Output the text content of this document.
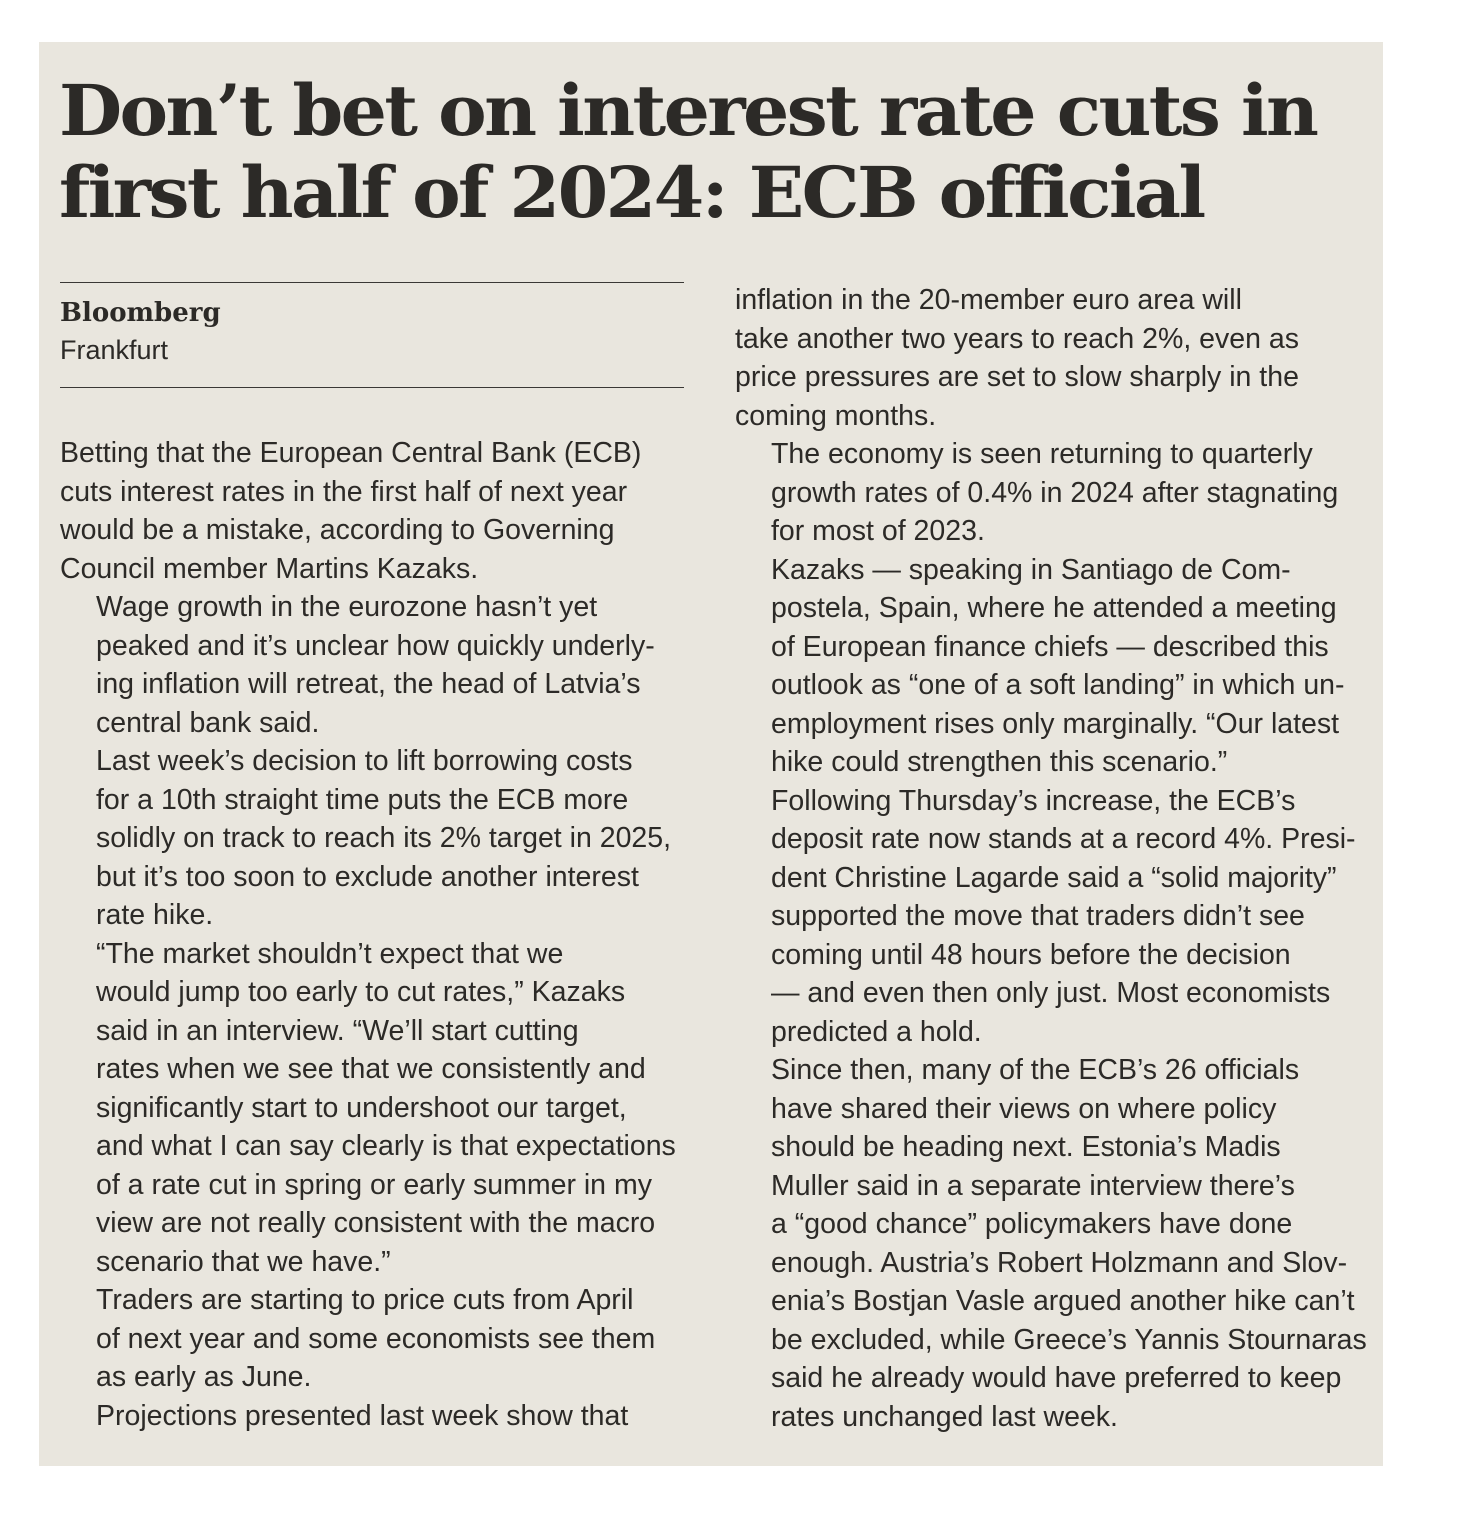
Don’t bet on interest rate cuts in
first half of 2024: ECB official
Bloomberg
Frankfurt

Betting that the European Central Bank (ECB)
cuts interest rates in the first half of next year
would be a mistake, according to Governing
Council member Martins Kazaks.

Wage growth in the eurozone hasn’t yet
peaked and it’s unclear how quickly underly-
ing inflation will retreat, the head of Latvia’s
central bank said.

Last week’s decision to lift borrowing costs
for a 10th straight time puts the ECB more
solidly on track to reach its 2% target in 2025,
but it’s too soon to exclude another interest
rate hike.

“The market shouldn’t expect that we
would jump too early to cut rates,” Kazaks
said in an interview. “We’ll start cutting
rates when we see that we consistently and
significantly start to undershoot our target,
and what I can say clearly is that expectations
of a rate cut in spring or early summer in my
view are not really consistent with the macro
scenario that we have.”

Traders are starting to price cuts from April
of next year and some economists see them
as early as June.

Projections presented last week show that

inflation in the 20-member euro area will
take another two years to reach 2%, even as
price pressures are set to slow sharply in the
coming months.

The economy is seen returning to quarterly
growth rates of 0.4% in 2024 after stagnating
for most of 2023.

Kazaks — speaking in Santiago de Com-
postela, Spain, where he attended a meeting
of European finance chiefs — described this
outlook as “one of a soft landing” in which un-
employment rises only marginally. “Our latest
hike could strengthen this scenario.”

Following Thursday’s increase, the ECB’s
deposit rate now stands at a record 4%. Presi-
dent Christine Lagarde said a “solid majority”
supported the move that traders didn’t see
coming until 48 hours before the decision
— and even then only just. Most economists
predicted a hold.

Since then, many of the ECB’s 26 officials
have shared their views on where policy
should be heading next. Estonia’s Madis
Muller said in a separate interview there’s
a “good chance” policymakers have done
enough. Austria’s Robert Holzmann and Slov-
enia’s Bostjan Vasle argued another hike can’t
be excluded, while Greece’s Yannis Stournaras
said he already would have preferred to keep
rates unchanged last week.
